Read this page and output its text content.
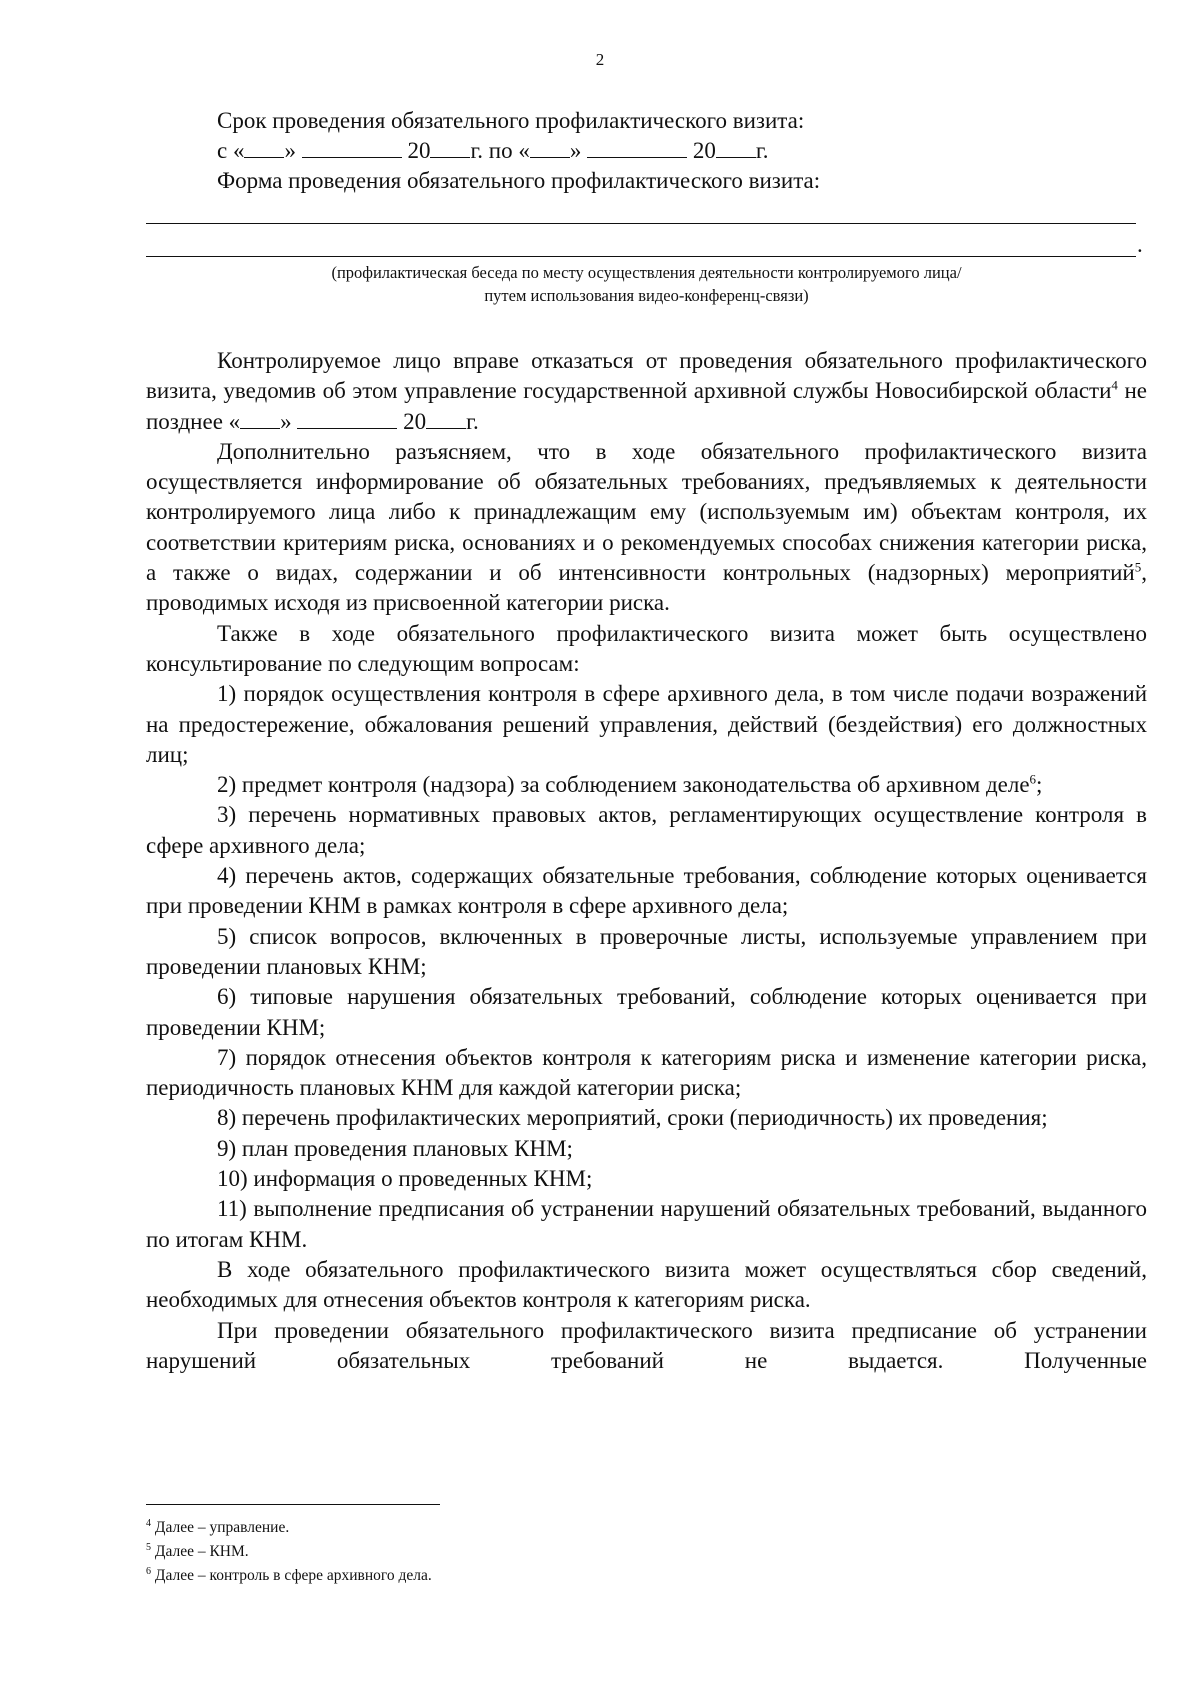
2
Срок проведения обязательного профилактического визита:
с « »	20 г. по « »	20 г.
Форма проведения обязательного профилактического визита:
.
(профилактическая беседа по месту осуществления деятельности контролируемого лица/
путем использования видео-конференц-связи)

Контролируемое лицо вправе отказаться от проведения обязательного профилактического визита, уведомив об этом управление государственной архивной службы Новосибирской области$^4$ не позднее « »	20 г.

Дополнительно разъясняем, что в ходе обязательного профилактического визита осуществляется информирование об обязательных требованиях, предъявляемых к деятельности контролируемого лица либо к принадлежащим ему (используемым им) объектам контроля, их соответствии критериям риска, основаниях и о рекомендуемых способах снижения категории риска, а также о видах, содержании и об интенсивности контрольных (надзорных) мероприятий$^5$, проводимых исходя из присвоенной категории риска.

Также в ходе обязательного профилактического визита может быть осуществлено консультирование по следующим вопросам:

1) порядок осуществления контроля в сфере архивного дела, в том числе подачи возражений на предостережение, обжалования решений управления, действий (бездействия) его должностных лиц;

2) предмет контроля (надзора) за соблюдением законодательства об архивном деле$^6$;

3) перечень нормативных правовых актов, регламентирующих осуществление контроля в сфере архивного дела;

4) перечень актов, содержащих обязательные требования, соблюдение которых оценивается при проведении КНМ в рамках контроля в сфере архивного дела;

5) список вопросов, включенных в проверочные листы, используемые управлением при проведении плановых КНМ;

6) типовые нарушения обязательных требований, соблюдение которых оценивается при проведении КНМ;

7) порядок отнесения объектов контроля к категориям риска и изменение категории риска, периодичность плановых КНМ для каждой категории риска;

8) перечень профилактических мероприятий, сроки (периодичность) их проведения;

9) план проведения плановых КНМ;

10) информация о проведенных КНМ;

11) выполнение предписания об устранении нарушений обязательных требований, выданного по итогам КНМ.

В ходе обязательного профилактического визита может осуществляться сбор сведений, необходимых для отнесения объектов контроля к категориям риска.

При проведении обязательного профилактического визита предписание об устранении нарушений обязательных требований не выдается. Полученные

$^4$ Далее – управление.
$^5$ Далее – КНМ.
$^6$ Далее – контроль в сфере архивного дела.
